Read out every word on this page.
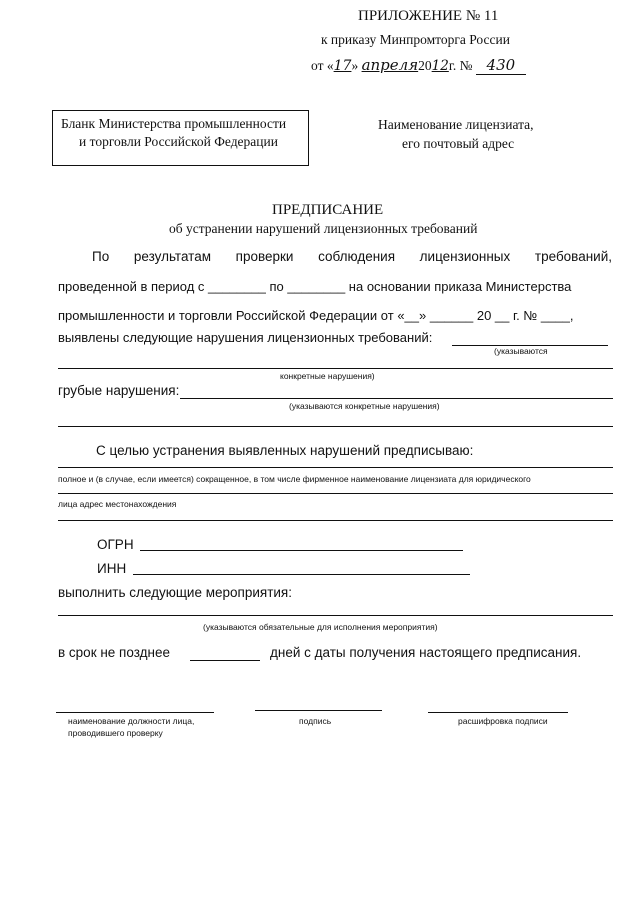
ПРИЛОЖЕНИЕ № 11
к приказу Минпромторга России
от «17» апреля2012г. № 430
Бланк Министерства промышленности
и торговли Российской Федерации
Наименование лицензиата,
его почтовый адрес
ПРЕДПИСАНИЕ
об устранении нарушений лицензионных требований
По результатам проверки соблюдения лицензионных требований,
проведенной в период с ________ по ________ на основании приказа Министерства
промышленности и торговли Российской Федерации от «__» ______ 20 __ г. № ____,
выявлены следующие нарушения лицензионных требований:
(указываются
конкретные нарушения)
грубые нарушения:
(указываются конкретные нарушения)
С целью устранения выявленных нарушений предписываю:
полное и (в случае, если имеется) сокращенное, в том числе фирменное наименование лицензиата для юридического
лица адрес местонахождения
ОГРН
ИНН
выполнить следующие мероприятия:
(указываются обязательные для исполнения мероприятия)
в срок не позднее	дней с даты получения настоящего предписания.
наименование должности лица,
проводившего проверку
подпись	расшифровка подписи
